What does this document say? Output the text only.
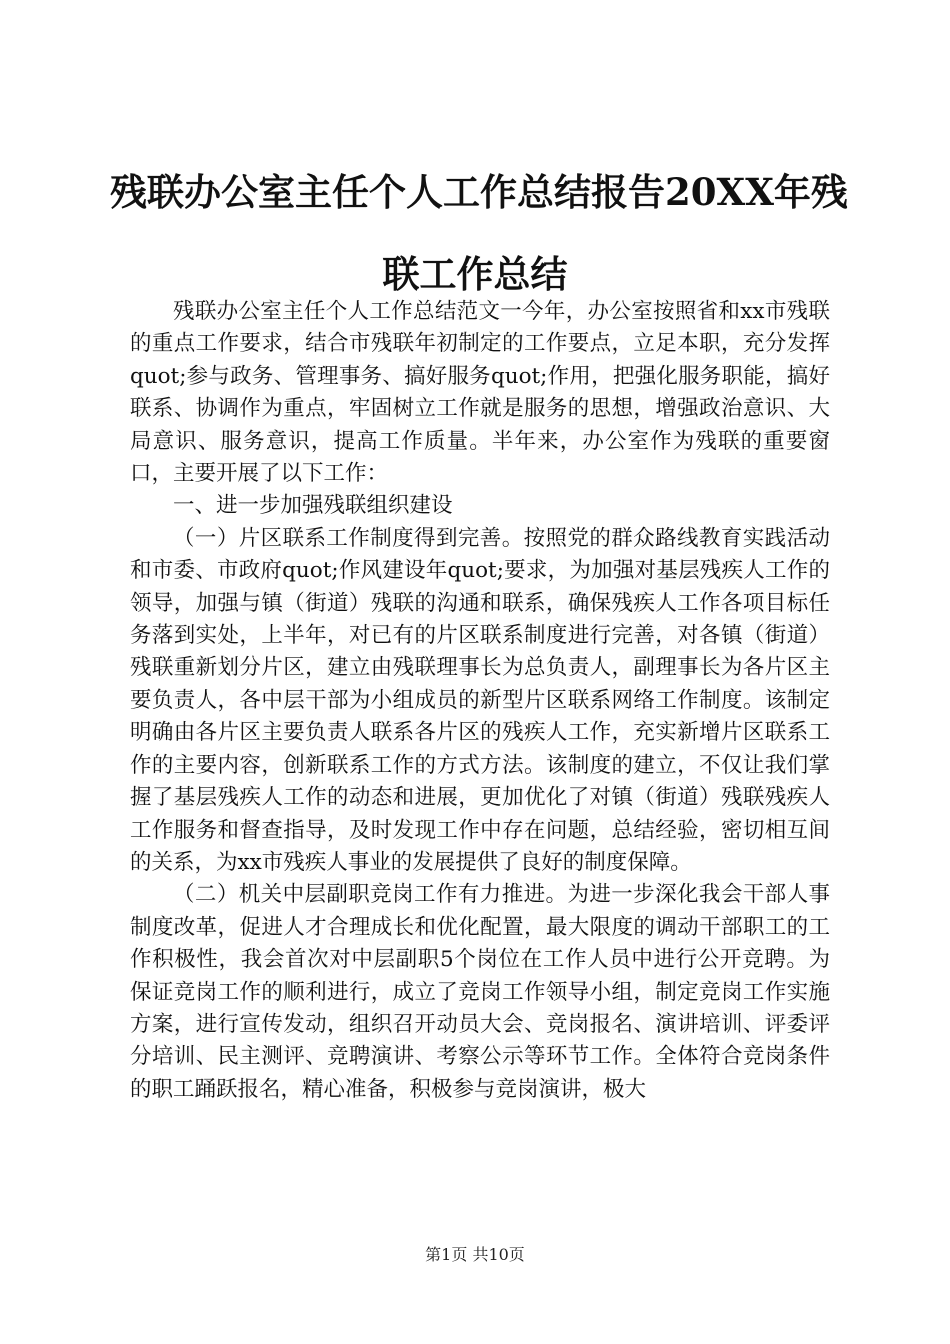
残联办公室主任个人工作总结报告20XX年残
联工作总结

残联办公室主任个人工作总结范文一今年，办公室按照省和xx市残联的重点工作要求，结合市残联年初制定的工作要点，立足本职，充分发挥quot;参与政务、管理事务、搞好服务quot;作用，把强化服务职能，搞好联系、协调作为重点，牢固树立工作就是服务的思想，增强政治意识、大局意识、服务意识，提高工作质量。半年来，办公室作为残联的重要窗口，主要开展了以下工作：

一、进一步加强残联组织建设

（一）片区联系工作制度得到完善。按照党的群众路线教育实践活动和市委、市政府quot;作风建设年quot;要求，为加强对基层残疾人工作的领导，加强与镇（街道）残联的沟通和联系，确保残疾人工作各项目标任务落到实处，上半年，对已有的片区联系制度进行完善，对各镇（街道）残联重新划分片区，建立由残联理事长为总负责人，副理事长为各片区主要负责人，各中层干部为小组成员的新型片区联系网络工作制度。该制定明确由各片区主要负责人联系各片区的残疾人工作，充实新增片区联系工作的主要内容，创新联系工作的方式方法。该制度的建立，不仅让我们掌握了基层残疾人工作的动态和进展，更加优化了对镇（街道）残联残疾人工作服务和督查指导，及时发现工作中存在问题，总结经验，密切相互间的关系，为xx市残疾人事业的发展提供了良好的制度保障。

（二）机关中层副职竞岗工作有力推进。为进一步深化我会干部人事制度改革，促进人才合理成长和优化配置，最大限度的调动干部职工的工作积极性，我会首次对中层副职5个岗位在工作人员中进行公开竞聘。为保证竞岗工作的顺利进行，成立了竞岗工作领导小组，制定竞岗工作实施方案，进行宣传发动，组织召开动员大会、竞岗报名、演讲培训、评委评分培训、民主测评、竞聘演讲、考察公示等环节工作。全体符合竞岗条件的职工踊跃报名，精心准备，积极参与竞岗演讲，极大

第1页 共10页
